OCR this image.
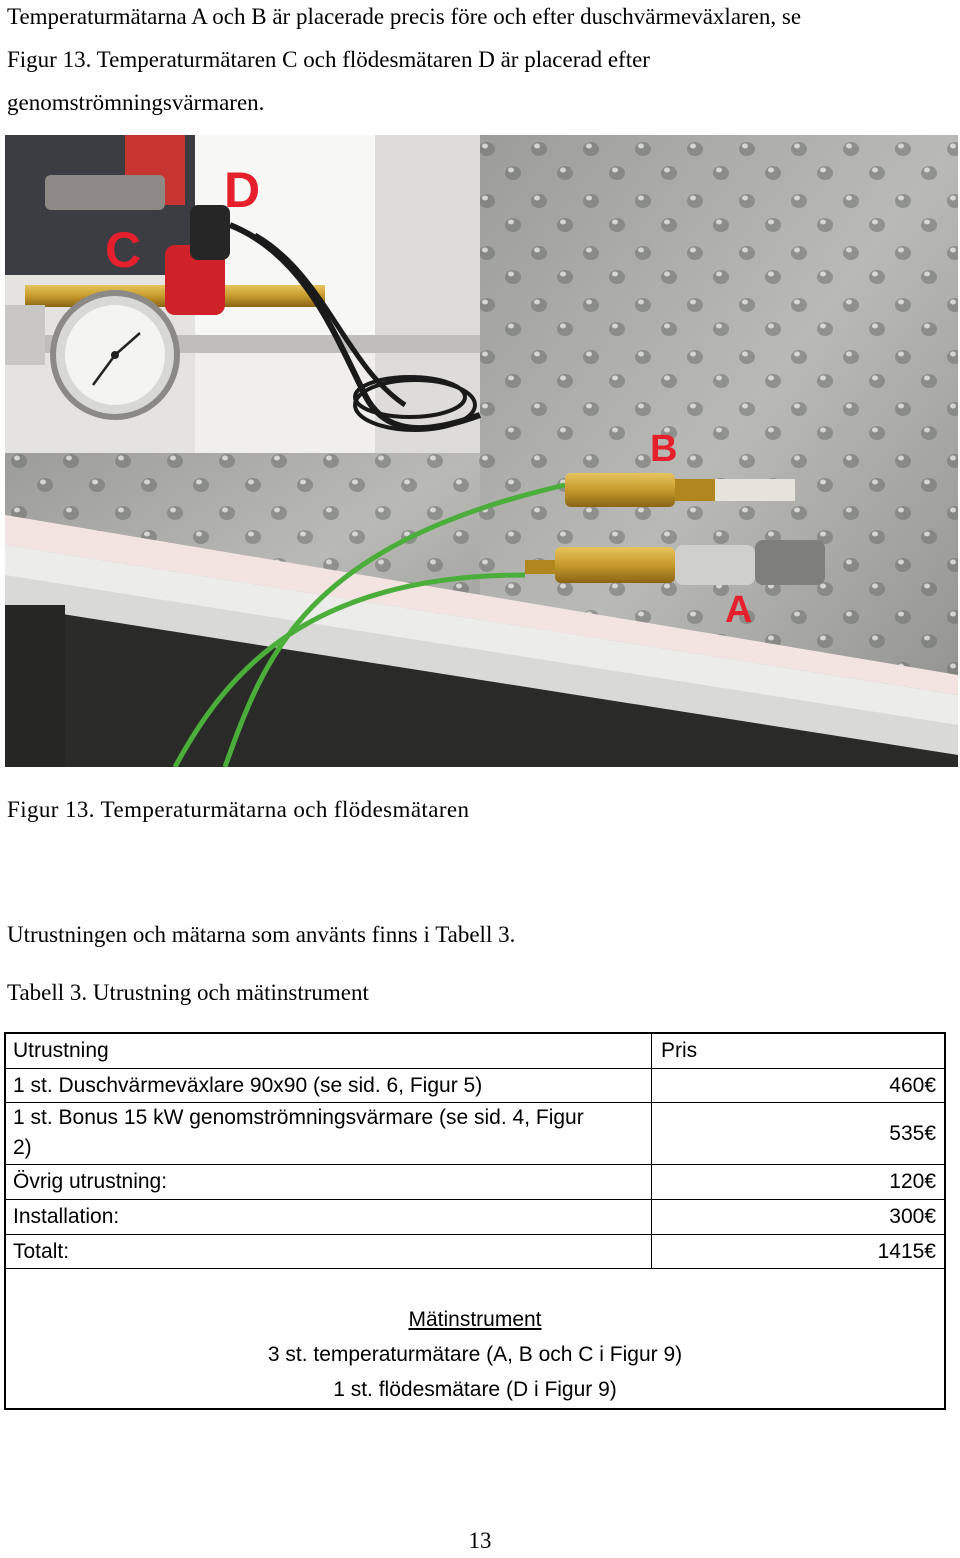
Temperaturmätarna A och B är placerade precis före och efter duschvärmeväxlaren, se
Figur 13. Temperaturmätaren C och flödesmätaren D är placerad efter
genomströmningsvärmaren.
D
C
B
A
Figur 13. Temperaturmätarna och flödesmätaren
Utrustningen och mätarna som använts finns i Tabell 3.
Tabell 3. Utrustning och mätinstrument
Utrustning	Pris
1 st. Duschvärmeväxlare 90x90 (se sid. 6, Figur 5)	460€
1 st. Bonus 15 kW genomströmningsvärmare (se sid. 4, Figur
2)
535€
Övrig utrustning:	120€
Installation:	300€
Totalt:	1415€
Mätinstrument
3 st. temperaturmätare (A, B och C i Figur 9)
1 st. flödesmätare (D i Figur 9)
13
